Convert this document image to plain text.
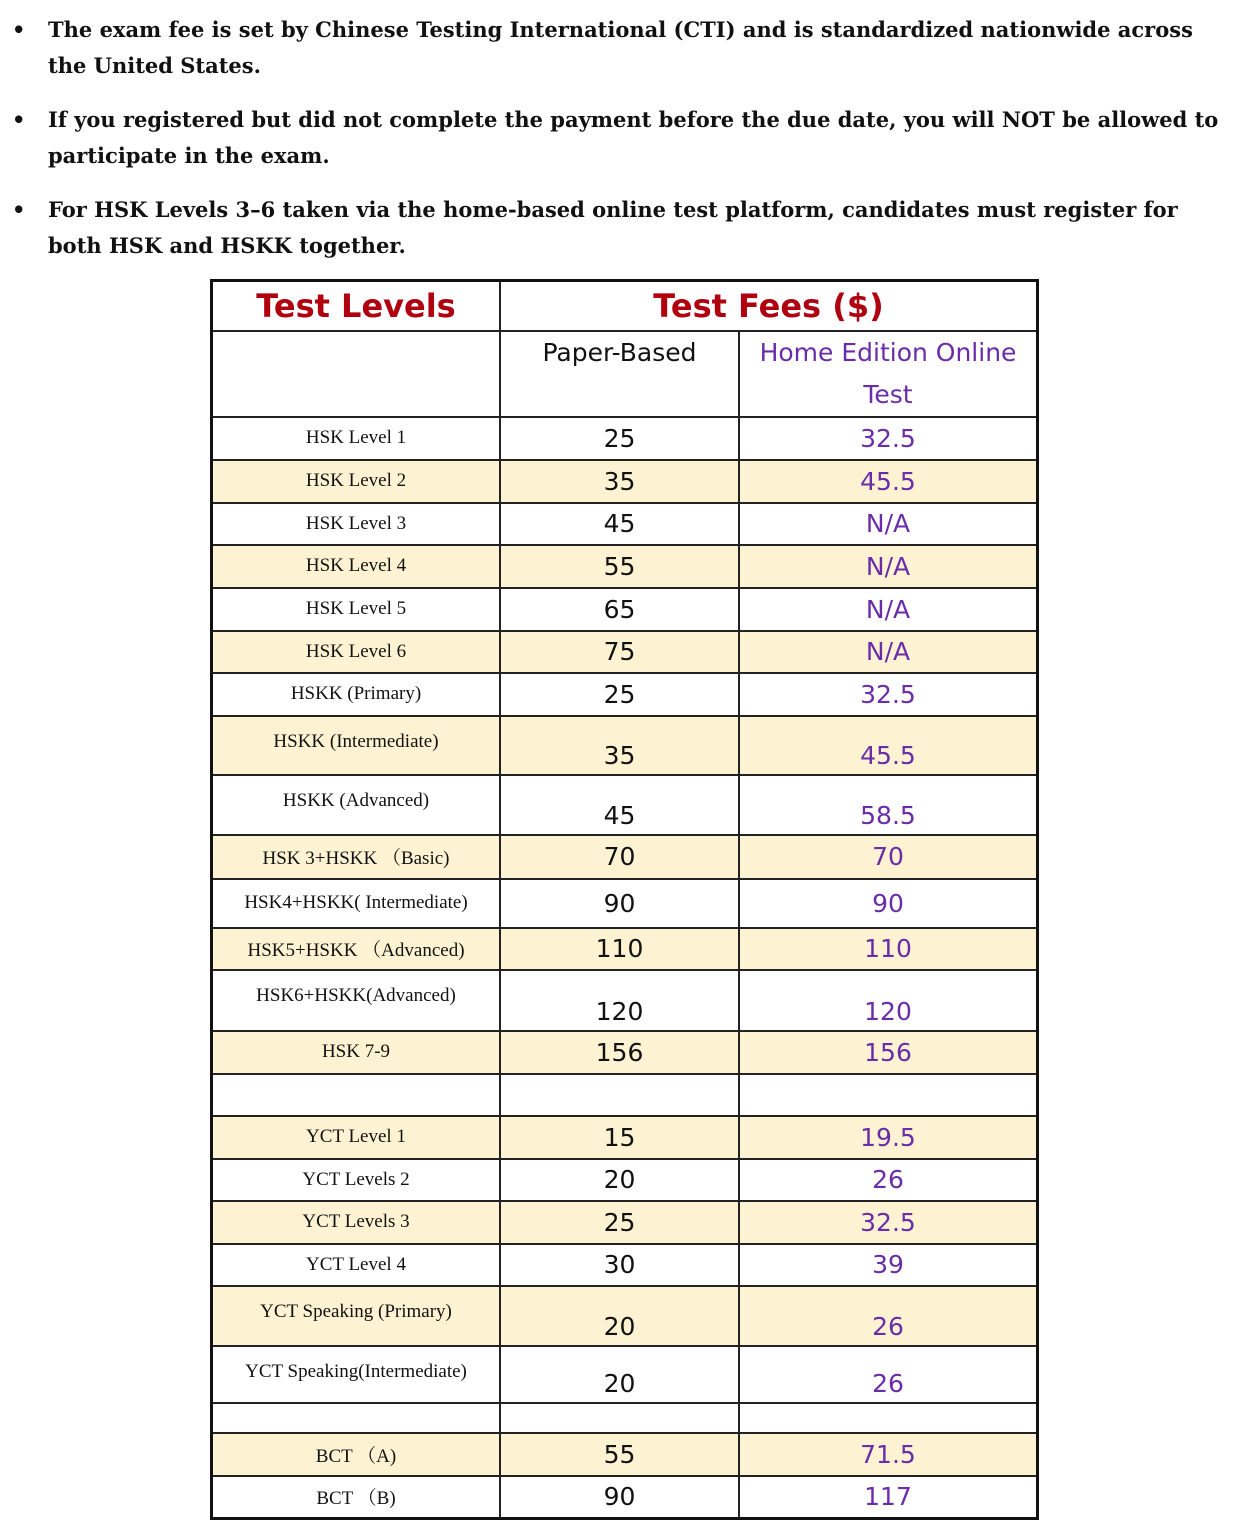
• The exam fee is set by Chinese Testing International (CTI) and is standardized nationwide across the United States.
• If you registered but did not complete the payment before the due date, you will NOT be allowed to participate in the exam.
• For HSK Levels 3–6 taken via the home-based online test platform, candidates must register for both HSK and HSKK together.
Test Levels	Test Fees ($)	
	Paper-Based	Home Edition Online Test
HSK Level 1	25	32.5
HSK Level 2	35	45.5
HSK Level 3	45	N/A
HSK Level 4	55	N/A
HSK Level 5	65	N/A
HSK Level 6	75	N/A
HSKK (Primary)	25	32.5
HSKK (Intermediate)	35	45.5
HSKK (Advanced)	45	58.5
HSK 3+HSKK （Basic)	70	70
HSK4+HSKK( Intermediate)	90	90
HSK5+HSKK （Advanced)	110	110
HSK6+HSKK(Advanced)	120	120
HSK 7-9	156	156

YCT Level 1	15	19.5
YCT Levels 2	20	26
YCT Levels 3	25	32.5
YCT Level 4	30	39
YCT Speaking (Primary)	20	26
YCT Speaking(Intermediate)	20	26

BCT （A)	55	71.5
BCT （B)	90	117
